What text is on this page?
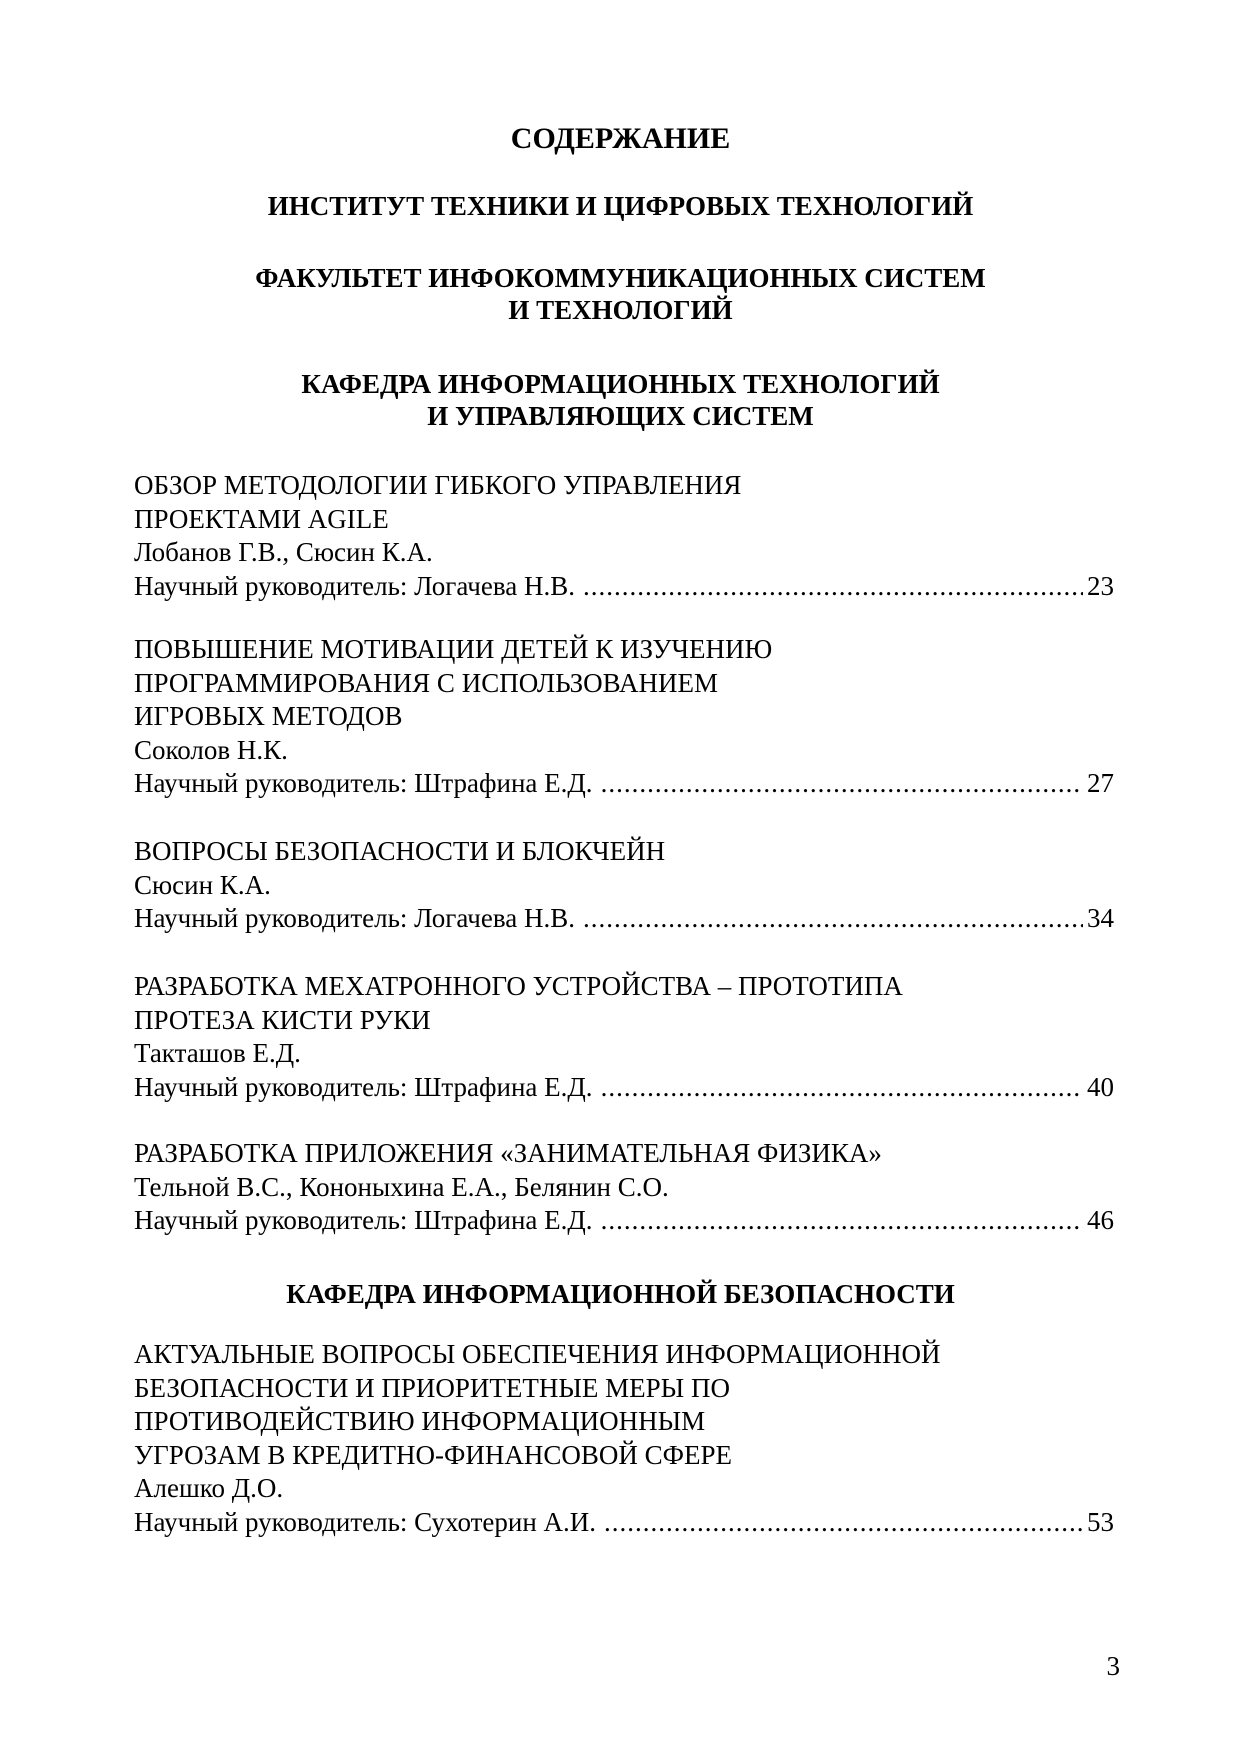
СОДЕРЖАНИЕ
ИНСТИТУТ ТЕХНИКИ И ЦИФРОВЫХ ТЕХНОЛОГИЙ
ФАКУЛЬТЕТ ИНФОКОММУНИКАЦИОННЫХ СИСТЕМ
И ТЕХНОЛОГИЙ
КАФЕДРА ИНФОРМАЦИОННЫХ ТЕХНОЛОГИЙ
И УПРАВЛЯЮЩИХ СИСТЕМ
ОБЗОР МЕТОДОЛОГИИ ГИБКОГО УПРАВЛЕНИЯ
ПРОЕКТАМИ AGILE
Лобанов Г.В., Сюсин К.А.
Научный руководитель: Логачева Н.В. .....	23
ПОВЫШЕНИЕ МОТИВАЦИИ ДЕТЕЙ К ИЗУЧЕНИЮ
ПРОГРАММИРОВАНИЯ С ИСПОЛЬЗОВАНИЕМ
ИГРОВЫХ МЕТОДОВ
Соколов Н.К.
Научный руководитель: Штрафина Е.Д. .....	27
ВОПРОСЫ БЕЗОПАСНОСТИ И БЛОКЧЕЙН
Сюсин К.А.
Научный руководитель: Логачева Н.В. .....	34
РАЗРАБОТКА МЕХАТРОННОГО УСТРОЙСТВА – ПРОТОТИПА
ПРОТЕЗА КИСТИ РУКИ
Такташов Е.Д.
Научный руководитель: Штрафина Е.Д. .....	40
РАЗРАБОТКА ПРИЛОЖЕНИЯ «ЗАНИМАТЕЛЬНАЯ ФИЗИКА»
Тельной В.С., Кононыхина Е.А., Белянин С.О.
Научный руководитель: Штрафина Е.Д. .....	46
КАФЕДРА ИНФОРМАЦИОННОЙ БЕЗОПАСНОСТИ
АКТУАЛЬНЫЕ ВОПРОСЫ ОБЕСПЕЧЕНИЯ ИНФОРМАЦИОННОЙ
БЕЗОПАСНОСТИ И ПРИОРИТЕТНЫЕ МЕРЫ ПО
ПРОТИВОДЕЙСТВИЮ ИНФОРМАЦИОННЫМ
УГРОЗАМ В КРЕДИТНО-ФИНАНСОВОЙ СФЕРЕ
Алешко Д.О.
Научный руководитель: Сухотерин А.И. .....	53
3
